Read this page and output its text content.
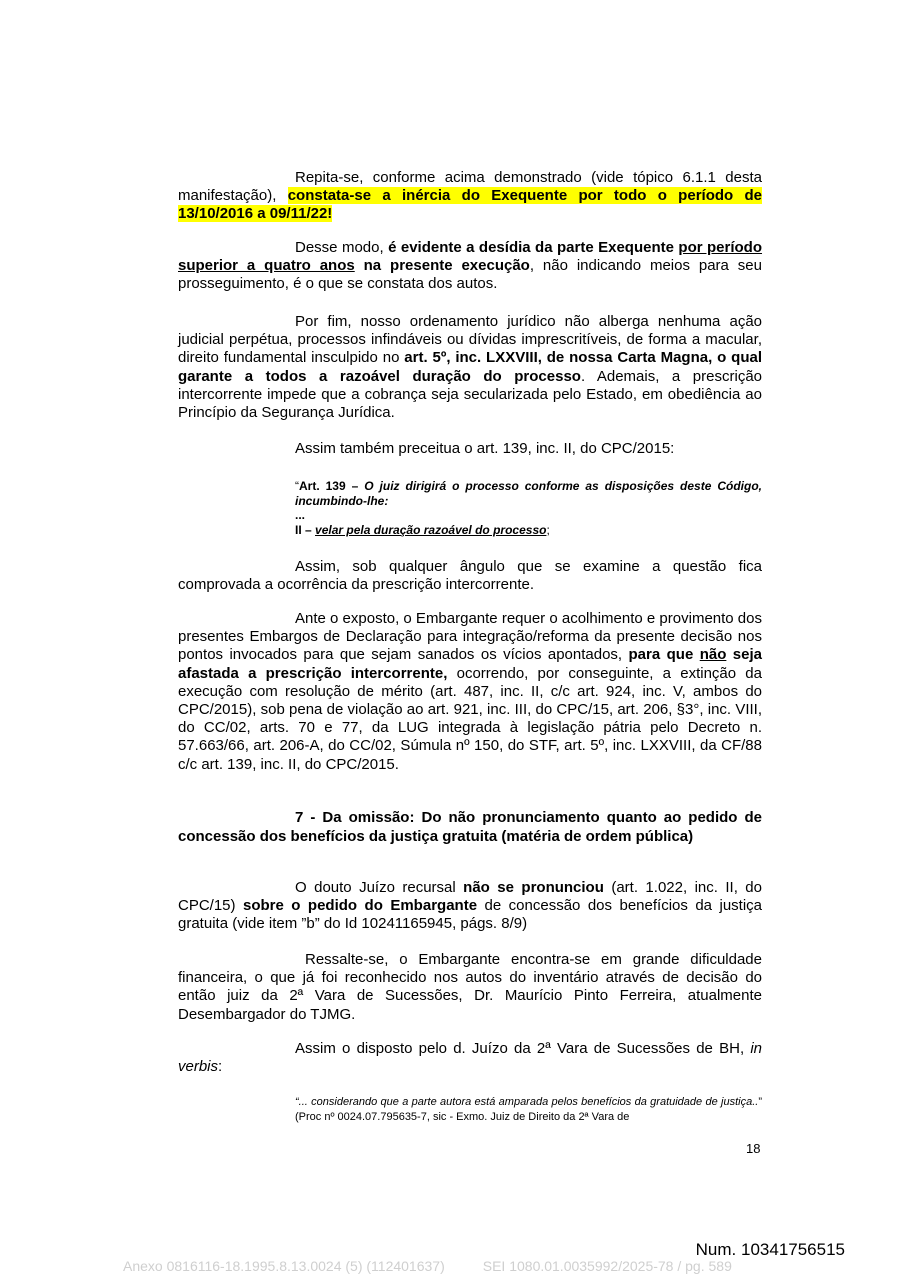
Repita-se, conforme acima demonstrado (vide tópico 6.1.1 desta manifestação), constata-se a inércia do Exequente por todo o período de 13/10/2016 a 09/11/22!

Desse modo, é evidente a desídia da parte Exequente por período superior a quatro anos na presente execução, não indicando meios para seu prosseguimento, é o que se constata dos autos.

Por fim, nosso ordenamento jurídico não alberga nenhuma ação judicial perpétua, processos infindáveis ou dívidas imprescritíveis, de forma a macular, direito fundamental insculpido no art. 5º, inc. LXXVIII, de nossa Carta Magna, o qual garante a todos a razoável duração do processo. Ademais, a prescrição intercorrente impede que a cobrança seja secularizada pelo Estado, em obediência ao Princípio da Segurança Jurídica.

Assim também preceitua o art. 139, inc. II, do CPC/2015:

“Art. 139 – O juiz dirigirá o processo conforme as disposições deste Código, incumbindo-lhe:
...
II – velar pela duração razoável do processo;

Assim, sob qualquer ângulo que se examine a questão fica comprovada a ocorrência da prescrição intercorrente.

Ante o exposto, o Embargante requer o acolhimento e provimento dos presentes Embargos de Declaração para integração/reforma da presente decisão nos pontos invocados para que sejam sanados os vícios apontados, para que não seja afastada a prescrição intercorrente, ocorrendo, por conseguinte, a extinção da execução com resolução de mérito (art. 487, inc. II, c/c art. 924, inc. V, ambos do CPC/2015), sob pena de violação ao art. 921, inc. III, do CPC/15, art. 206, §3°, inc. VIII, do CC/02, arts. 70 e 77, da LUG integrada à legislação pátria pelo Decreto n. 57.663/66, art. 206-A, do CC/02, Súmula nº 150, do STF, art. 5º, inc. LXXVIII, da CF/88 c/c art. 139, inc. II, do CPC/2015.

7 - Da omissão: Do não pronunciamento quanto ao pedido de concessão dos benefícios da justiça gratuita (matéria de ordem pública)

O douto Juízo recursal não se pronunciou (art. 1.022, inc. II, do CPC/15) sobre o pedido do Embargante de concessão dos benefícios da justiça gratuita (vide item ”b” do Id 10241165945, págs. 8/9)

Ressalte-se, o Embargante encontra-se em grande dificuldade financeira, o que já foi reconhecido nos autos do inventário através de decisão do então juiz da 2ª Vara de Sucessões, Dr. Maurício Pinto Ferreira, atualmente Desembargador do TJMG.

Assim o disposto pelo d. Juízo da 2ª Vara de Sucessões de BH, in verbis:

“... considerando que a parte autora está amparada pelos benefícios da gratuidade de justiça..” (Proc nº 0024.07.795635-7, sic - Exmo. Juiz de Direito da 2ª Vara de
18
Num. 10341756515
Anexo 0816116-18.1995.8.13.0024 (5) (112401637)	SEI 1080.01.0035992/2025-78 / pg. 589
